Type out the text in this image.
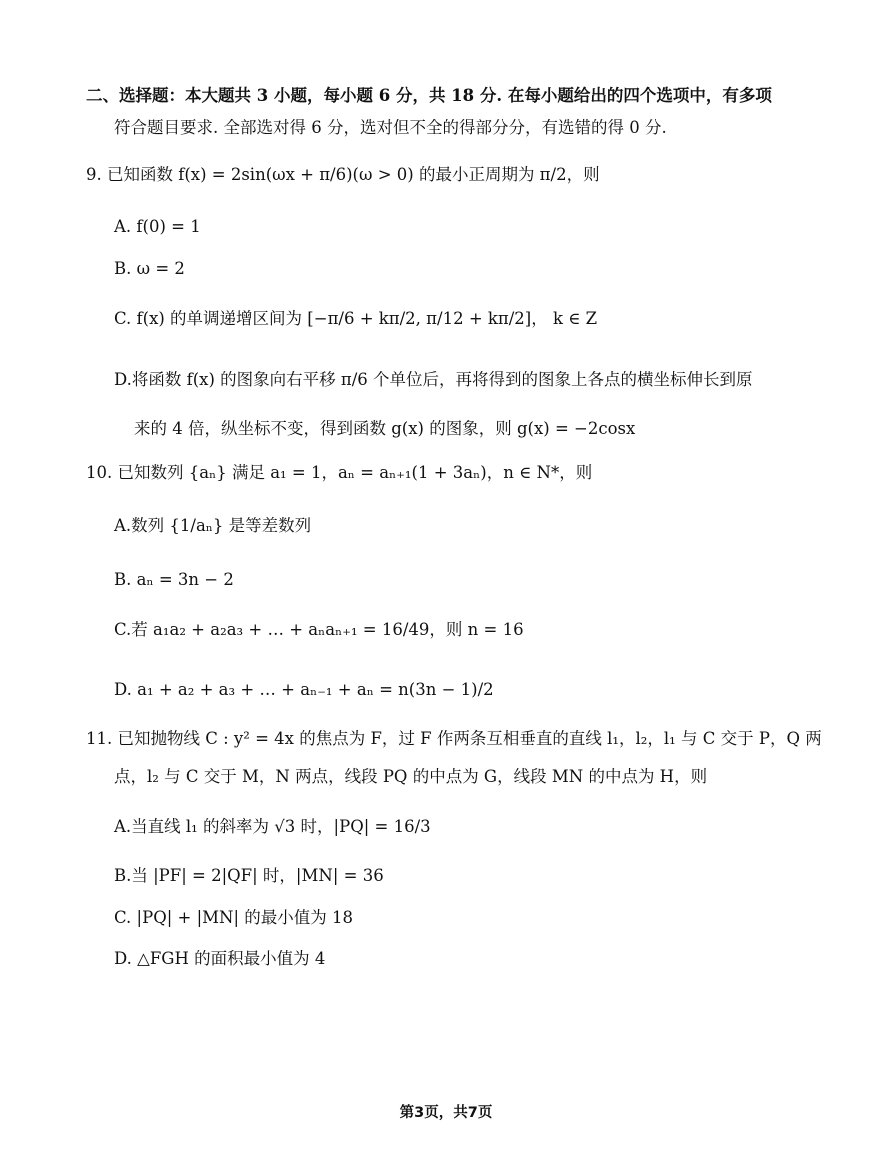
二、选择题：本大题共 3 小题，每小题 6 分，共 18 分. 在每小题给出的四个选项中，有多项
符合题目要求. 全部选对得 6 分，选对但不全的得部分分，有选错的得 0 分.
9. 已知函数 f(x) = 2sin(ωx + π/6)(ω > 0) 的最小正周期为 π/2，则
A. f(0) = 1
B. ω = 2
C. f(x) 的单调递增区间为 [−π/6 + kπ/2, π/12 + kπ/2]， k ∈ Z
D.将函数 f(x) 的图象向右平移 π/6 个单位后，再将得到的图象上各点的横坐标伸长到原
来的 4 倍，纵坐标不变，得到函数 g(x) 的图象，则 g(x) = −2cosx
10. 已知数列 {aₙ} 满足 a₁ = 1，aₙ = aₙ₊₁(1 + 3aₙ)，n ∈ N*，则
A.数列 {1/aₙ} 是等差数列
B. aₙ = 3n − 2
C.若 a₁a₂ + a₂a₃ + … + aₙaₙ₊₁ = 16/49，则 n = 16
D. a₁ + a₂ + a₃ + … + aₙ₋₁ + aₙ = n(3n − 1)/2
11. 已知抛物线 C : y² = 4x 的焦点为 F，过 F 作两条互相垂直的直线 l₁，l₂，l₁ 与 C 交于 P，Q 两
点，l₂ 与 C 交于 M，N 两点，线段 PQ 的中点为 G，线段 MN 的中点为 H，则
A.当直线 l₁ 的斜率为 √3 时，|PQ| = 16/3
B.当 |PF| = 2|QF| 时，|MN| = 36
C. |PQ| + |MN| 的最小值为 18
D. △FGH 的面积最小值为 4
第3页，共7页
